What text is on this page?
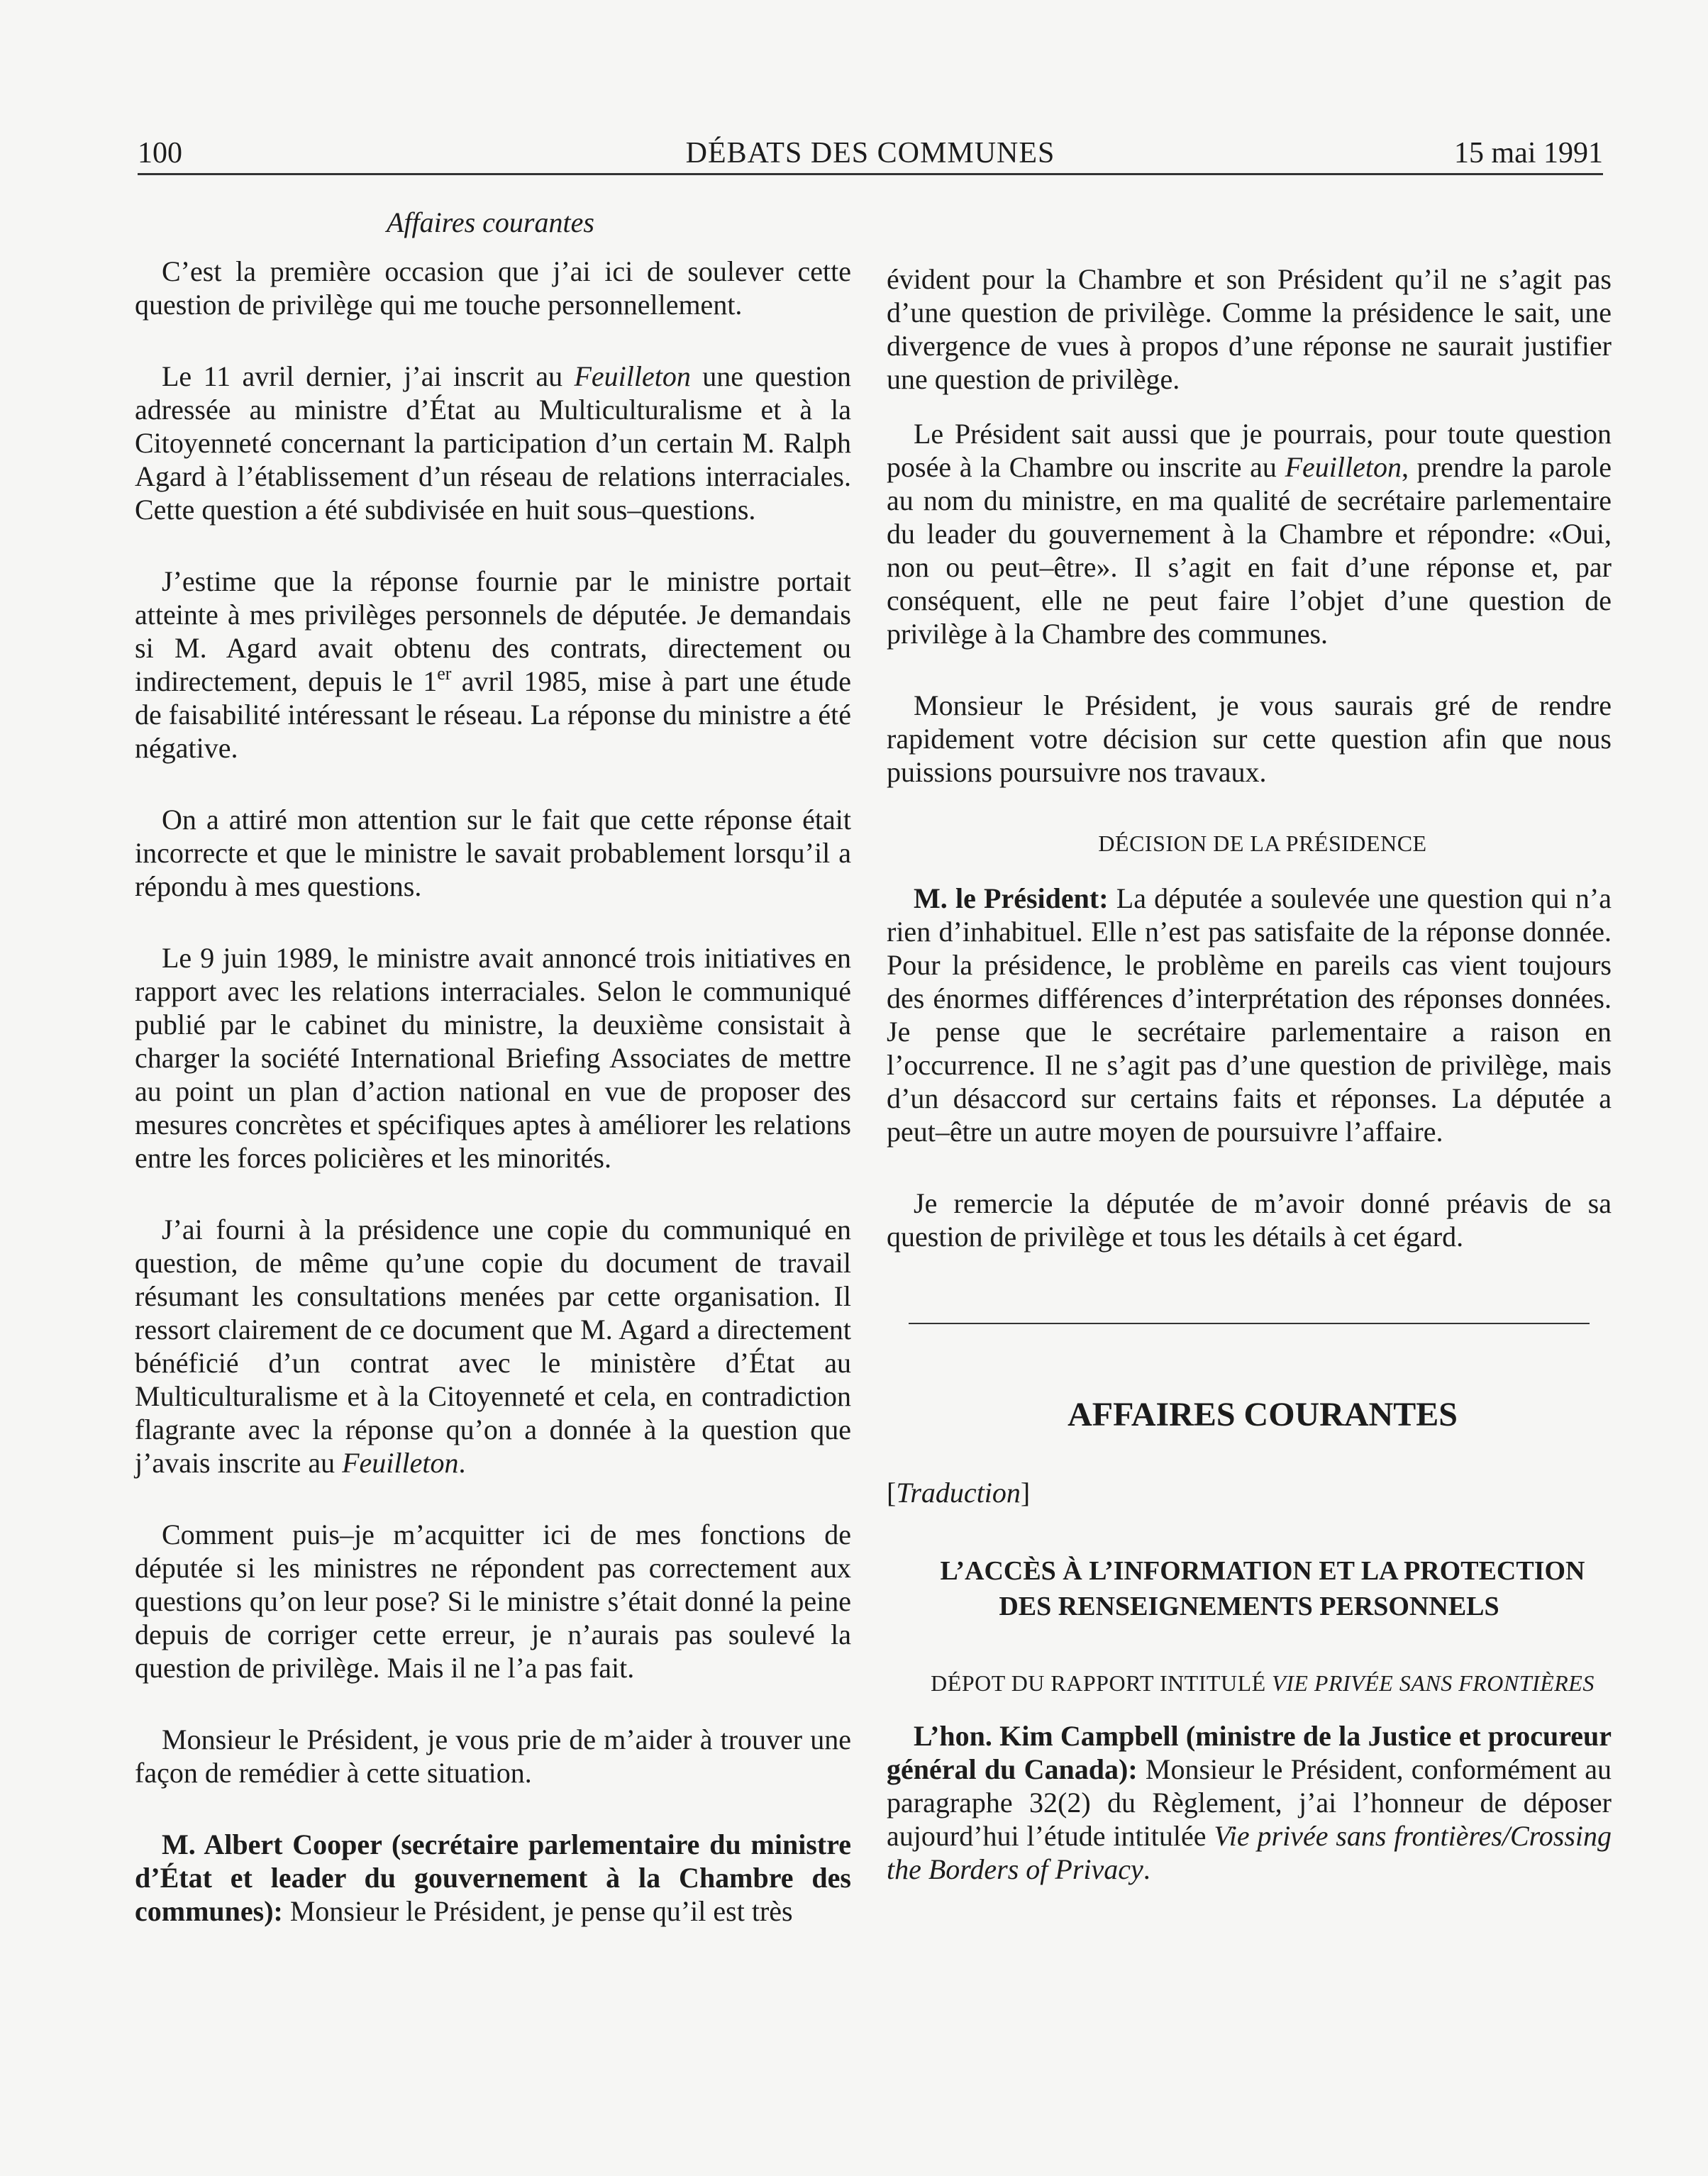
100	DÉBATS DES COMMUNES	15 mai 1991
Affaires courantes

C’est la première occasion que j’ai ici de soulever cette question de privilège qui me touche personnellement.

Le 11 avril dernier, j’ai inscrit au Feuilleton une question adressée au ministre d’État au Multiculturalisme et à la Citoyenneté concernant la participation d’un certain M. Ralph Agard à l’établissement d’un réseau de relations interraciales. Cette question a été subdivisée en huit sous–questions.

J’estime que la réponse fournie par le ministre portait atteinte à mes privilèges personnels de députée. Je demandais si M. Agard avait obtenu des contrats, directement ou indirectement, depuis le 1er avril 1985, mise à part une étude de faisabilité intéressant le réseau. La réponse du ministre a été négative.

On a attiré mon attention sur le fait que cette réponse était incorrecte et que le ministre le savait probablement lorsqu’il a répondu à mes questions.

Le 9 juin 1989, le ministre avait annoncé trois initiatives en rapport avec les relations interraciales. Selon le communiqué publié par le cabinet du ministre, la deuxième consistait à charger la société International Briefing Associates de mettre au point un plan d’action national en vue de proposer des mesures concrètes et spécifiques aptes à améliorer les relations entre les forces policières et les minorités.

J’ai fourni à la présidence une copie du communiqué en question, de même qu’une copie du document de travail résumant les consultations menées par cette organisation. Il ressort clairement de ce document que M. Agard a directement bénéficié d’un contrat avec le ministère d’État au Multiculturalisme et à la Citoyenneté et cela, en contradiction flagrante avec la réponse qu’on a donnée à la question que j’avais inscrite au Feuilleton.

Comment puis–je m’acquitter ici de mes fonctions de députée si les ministres ne répondent pas correctement aux questions qu’on leur pose? Si le ministre s’était donné la peine depuis de corriger cette erreur, je n’aurais pas soulevé la question de privilège. Mais il ne l’a pas fait.

Monsieur le Président, je vous prie de m’aider à trouver une façon de remédier à cette situation.

M. Albert Cooper (secrétaire parlementaire du ministre d’État et leader du gouvernement à la Chambre des communes): Monsieur le Président, je pense qu’il est très

évident pour la Chambre et son Président qu’il ne s’agit pas d’une question de privilège. Comme la présidence le sait, une divergence de vues à propos d’une réponse ne saurait justifier une question de privilège.

Le Président sait aussi que je pourrais, pour toute question posée à la Chambre ou inscrite au Feuilleton, prendre la parole au nom du ministre, en ma qualité de secrétaire parlementaire du leader du gouvernement à la Chambre et répondre: «Oui, non ou peut–être». Il s’agit en fait d’une réponse et, par conséquent, elle ne peut faire l’objet d’une question de privilège à la Chambre des communes.

Monsieur le Président, je vous saurais gré de rendre rapidement votre décision sur cette question afin que nous puissions poursuivre nos travaux.

DÉCISION DE LA PRÉSIDENCE

M. le Président: La députée a soulevée une question qui n’a rien d’inhabituel. Elle n’est pas satisfaite de la réponse donnée. Pour la présidence, le problème en pareils cas vient toujours des énormes différences d’interprétation des réponses données. Je pense que le secrétaire parlementaire a raison en l’occurrence. Il ne s’agit pas d’une question de privilège, mais d’un désaccord sur certains faits et réponses. La députée a peut–être un autre moyen de poursuivre l’affaire.

Je remercie la députée de m’avoir donné préavis de sa question de privilège et tous les détails à cet égard.

AFFAIRES COURANTES

[Traduction]

L’ACCÈS À L’INFORMATION ET LA PROTECTION
DES RENSEIGNEMENTS PERSONNELS

DÉPOT DU RAPPORT INTITULÉ VIE PRIVÉE SANS FRONTIÈRES

L’hon. Kim Campbell (ministre de la Justice et procureur général du Canada): Monsieur le Président, conformément au paragraphe 32(2) du Règlement, j’ai l’honneur de déposer aujourd’hui l’étude intitulée Vie privée sans frontières/Crossing the Borders of Privacy.
